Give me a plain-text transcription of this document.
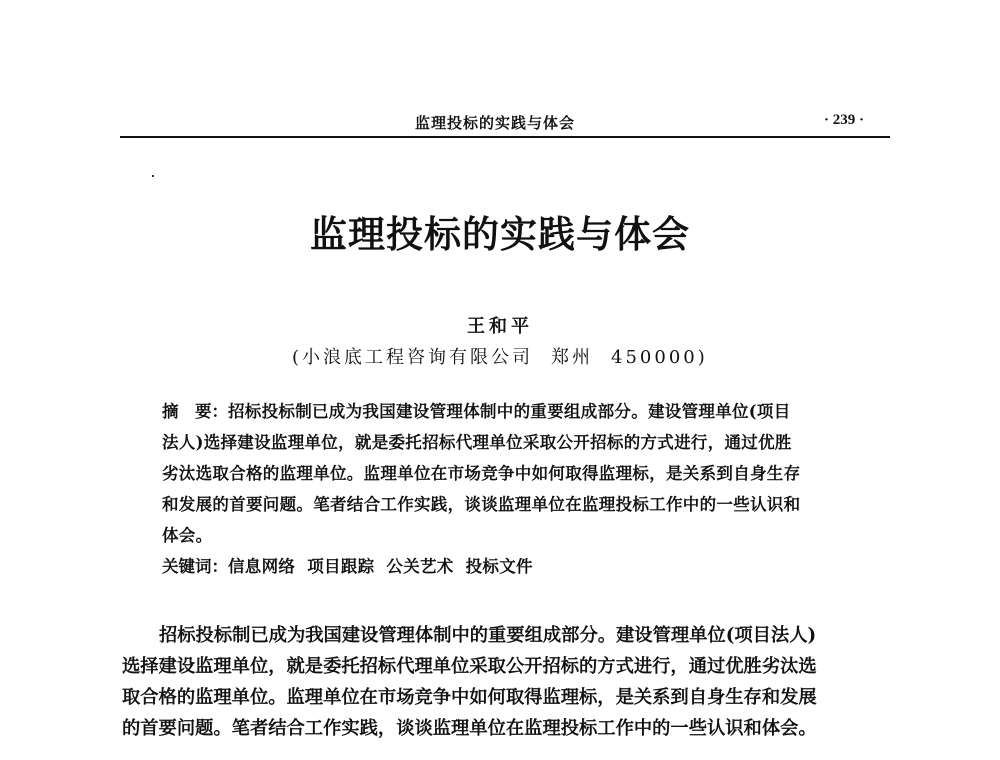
监理投标的实践与体会	· 239 ·
监理投标的实践与体会
王和平
(小浪底工程咨询有限公司 郑州 450000)
摘　要：招标投标制已成为我国建设管理体制中的重要组成部分。建设管理单位(项目
法人)选择建设监理单位，就是委托招标代理单位采取公开招标的方式进行，通过优胜
劣汰选取合格的监理单位。监理单位在市场竞争中如何取得监理标，是关系到自身生存
和发展的首要问题。笔者结合工作实践，谈谈监理单位在监理投标工作中的一些认识和
体会。
关键词：信息网络 项目跟踪 公关艺术 投标文件
招标投标制已成为我国建设管理体制中的重要组成部分。建设管理单位(项目法人)
选择建设监理单位，就是委托招标代理单位采取公开招标的方式进行，通过优胜劣汰选
取合格的监理单位。监理单位在市场竞争中如何取得监理标，是关系到自身生存和发展
的首要问题。笔者结合工作实践，谈谈监理单位在监理投标工作中的一些认识和体会。
